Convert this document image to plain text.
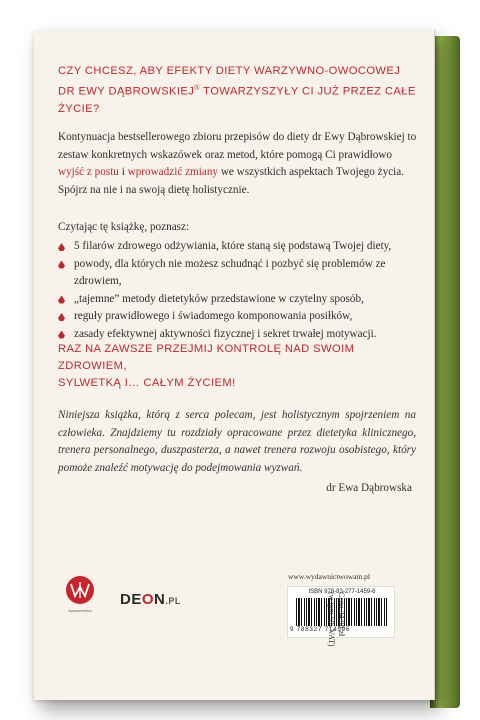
CZY CHCESZ, ABY EFEKTY DIETY WARZYWNO-OWOCOWEJ
DR EWY DĄBROWSKIEJ® TOWARZYSZYŁY CI JUŻ PRZEZ CAŁE ŻYCIE?

Kontynuacja bestsellerowego zbioru przepisów do diety dr Ewy Dąbrowskiej to zestaw konkretnych wskazówek oraz metod, które pomogą Ci prawidłowo wyjść z postu i wprowadzić zmiany we wszystkich aspektach Twojego życia. Spójrz na nie i na swoją dietę holistycznie.

Czytając tę książkę, poznasz:

5 filarów zdrowego odżywiania, które staną się podstawą Twojej diety,
powody, dla których nie możesz schudnąć i pozbyć się problemów ze zdrowiem,
„tajemne” metody dietetyków przedstawione w czytelny sposób,
reguły prawidłowego i świadomego komponowania posiłków,
zasady efektywnej aktywności fizycznej i sekret trwałej motywacji.

RAZ NA ZAWSZE PRZEJMIJ KONTROLĘ NAD SWOIM ZDROWIEM,
SYLWETKĄ I… CAŁYM ŻYCIEM!

Niniejsza książka, którą z serca polecam, jest holistycznym spojrzeniem na człowieka. Znajdziemy tu rozdziały opracowane przez dietetyka klinicznego, trenera personalnego, duszpasterza, a nawet trenera rozwoju osobistego, który pomoże znaleźć motywację do podejmowania wyzwań.

dr Ewa Dąbrowska

wydawnictwo

DEON.PL

www.wydawnictwowam.pl

ISBN 978-83-277-1459-6

9 788327 714596

Cena 34,90 zł
(w tym 5% VAT)
